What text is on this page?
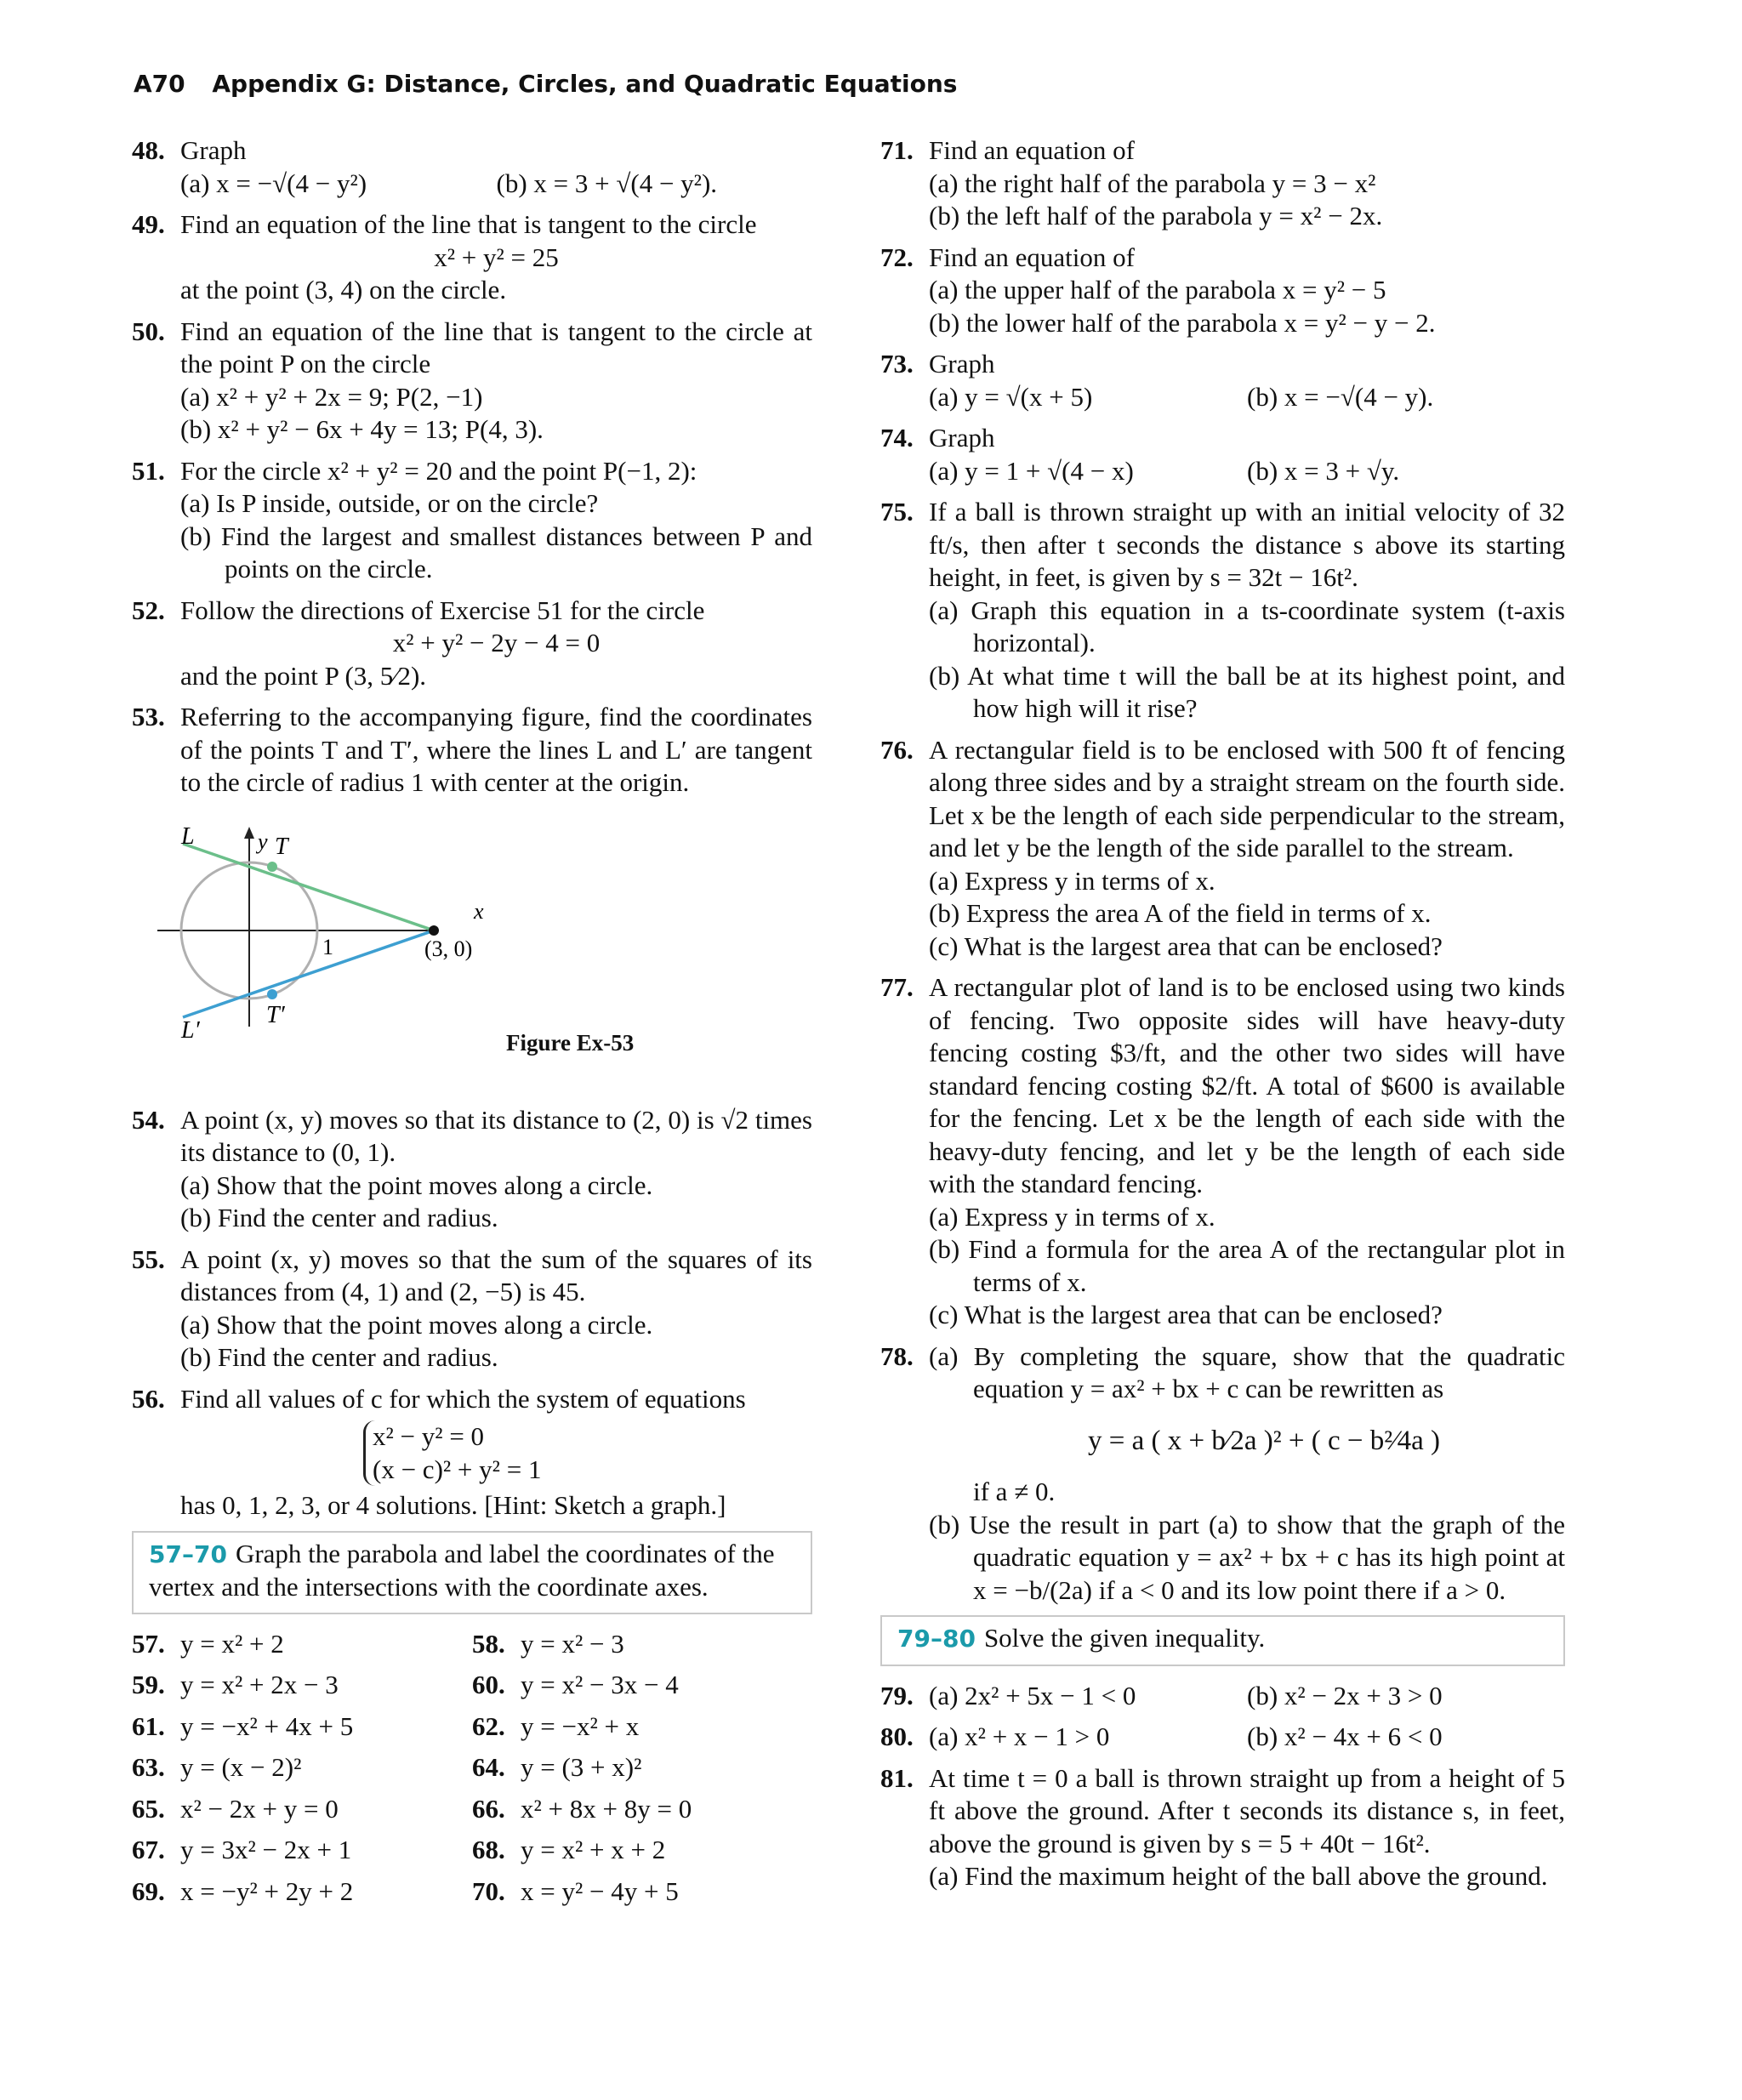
A70 Appendix G: Distance, Circles, and Quadratic Equations
48. Graph

(a) x = −√(4 − y²)	(b) x = 3 + √(4 − y²).
49. Find an equation of the line that is tangent to the circle

x² + y² = 25

at the point (3, 4) on the circle.

50. Find an equation of the line that is tangent to the circle at the point P on the circle

(a) x² + y² + 2x = 9; P(2, −1)

(b) x² + y² − 6x + 4y = 13; P(4, 3).

51. For the circle x² + y² = 20 and the point P(−1, 2):

(a) Is P inside, outside, or on the circle?

(b) Find the largest and smallest distances between P and points on the circle.

52. Follow the directions of Exercise 51 for the circle

x² + y² − 2y − 4 = 0

and the point P (3, 5⁄2).

53. Referring to the accompanying figure, find the coordinates of the points T and T′, where the lines L and L′ are tangent to the circle of radius 1 with center at the origin.

L
L′
y
x
T
T′
1	(3, 0)
Figure Ex-53
54. A point (x, y) moves so that its distance to (2, 0) is √2 times its distance to (0, 1).

(a) Show that the point moves along a circle.

(b) Find the center and radius.

55. A point (x, y) moves so that the sum of the squares of its distances from (4, 1) and (2, −5) is 45.

(a) Show that the point moves along a circle.

(b) Find the center and radius.

56. Find all values of c for which the system of equations

x² − y² = 0

(x − c)² + y² = 1

has 0, 1, 2, 3, or 4 solutions. [Hint: Sketch a graph.]

57–70 Graph the parabola and label the coordinates of the vertex and the intersections with the coordinate axes.
57. y = x² + 2	58. y = x² − 3
59. y = x² + 2x − 3	60. y = x² − 3x − 4
61. y = −x² + 4x + 5	62. y = −x² + x
63. y = (x − 2)²	64. y = (3 + x)²
65. x² − 2x + y = 0	66. x² + 8x + 8y = 0
67. y = 3x² − 2x + 1	68. y = x² + x + 2
69. x = −y² + 2y + 2	70. x = y² − 4y + 5
71. Find an equation of

(a) the right half of the parabola y = 3 − x²

(b) the left half of the parabola y = x² − 2x.

72. Find an equation of

(a) the upper half of the parabola x = y² − 5

(b) the lower half of the parabola x = y² − y − 2.

73. Graph

(a) y = √(x + 5)	(b) x = −√(4 − y).
74. Graph

(a) y = 1 + √(4 − x)	(b) x = 3 + √y.
75. If a ball is thrown straight up with an initial velocity of 32 ft/s, then after t seconds the distance s above its starting height, in feet, is given by s = 32t − 16t².

(a) Graph this equation in a ts-coordinate system (t-axis horizontal).

(b) At what time t will the ball be at its highest point, and how high will it rise?

76. A rectangular field is to be enclosed with 500 ft of fencing along three sides and by a straight stream on the fourth side. Let x be the length of each side perpendicular to the stream, and let y be the length of the side parallel to the stream.

(a) Express y in terms of x.

(b) Express the area A of the field in terms of x.

(c) What is the largest area that can be enclosed?

77. A rectangular plot of land is to be enclosed using two kinds of fencing. Two opposite sides will have heavy-duty fencing costing $3/ft, and the other two sides will have standard fencing costing $2/ft. A total of $600 is available for the fencing. Let x be the length of each side with the heavy-duty fencing, and let y be the length of each side with the standard fencing.

(a) Express y in terms of x.

(b) Find a formula for the area A of the rectangular plot in terms of x.

(c) What is the largest area that can be enclosed?

78. (a) By completing the square, show that the quadratic equation y = ax² + bx + c can be rewritten as

y = a ( x + b⁄2a )² + ( c − b²⁄4a )

if a ≠ 0.

(b) Use the result in part (a) to show that the graph of the quadratic equation y = ax² + bx + c has its high point at x = −b/(2a) if a < 0 and its low point there if a > 0.

79–80 Solve the given inequality.
79. (a) 2x² + 5x − 1 < 0	(b) x² − 2x + 3 > 0
80. (a) x² + x − 1 > 0	(b) x² − 4x + 6 < 0
81. At time t = 0 a ball is thrown straight up from a height of 5 ft above the ground. After t seconds its distance s, in feet, above the ground is given by s = 5 + 40t − 16t².

(a) Find the maximum height of the ball above the ground.
